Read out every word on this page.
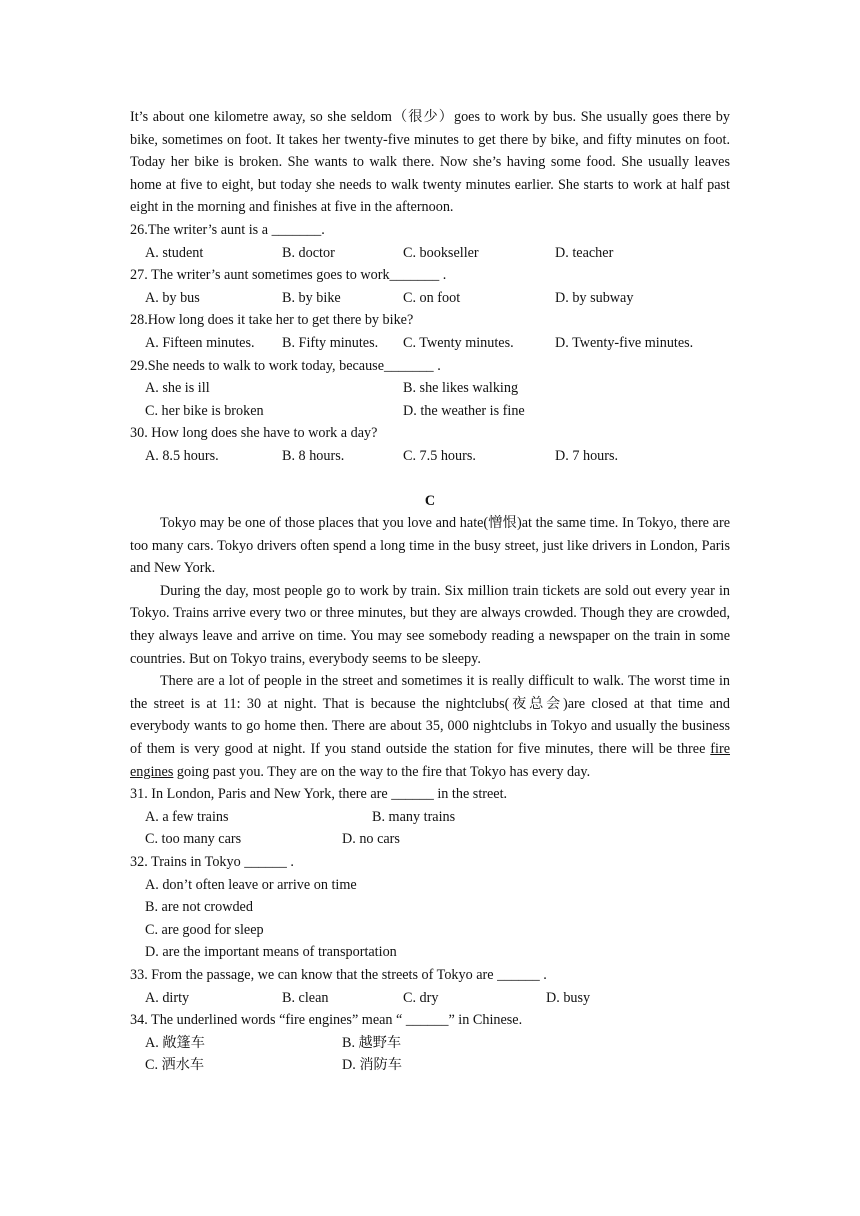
It’s about one kilometre away, so she seldom（很少）goes to work by bus. She usually goes there by bike, sometimes on foot. It takes her twenty-five minutes to get there by bike, and fifty minutes on foot. Today her bike is broken. She wants to walk there. Now she’s having some food. She usually leaves home at five to eight, but today she needs to walk twenty minutes earlier. She starts to work at half past eight in the morning and finishes at five in the afternoon.

26.The writer’s aunt is a _______.

A. student	B. doctor	C. bookseller	D. teacher

27. The writer’s aunt sometimes goes to work_______ .

A. by bus	B. by bike	C. on foot	D. by subway

28.How long does it take her to get there by bike?

A. Fifteen minutes.	B. Fifty minutes.	C. Twenty minutes.	D. Twenty-five minutes.

29.She needs to walk to work today, because_______ .

A. she is ill	B. she likes walking
C. her bike is broken	D. the weather is fine

30. How long does she have to work a day?

A. 8.5 hours.	B. 8 hours.	C. 7.5 hours.	D. 7 hours.

C

Tokyo may be one of those places that you love and hate(憎恨)at the same time. In Tokyo, there are too many cars. Tokyo drivers often spend a long time in the busy street, just like drivers in London, Paris and New York.

During the day, most people go to work by train. Six million train tickets are sold out every year in Tokyo. Trains arrive every two or three minutes, but they are always crowded. Though they are crowded, they always leave and arrive on time. You may see somebody reading a newspaper on the train in some countries. But on Tokyo trains, everybody seems to be sleepy.

There are a lot of people in the street and sometimes it is really difficult to walk. The worst time in the street is at 11: 30 at night. That is because the nightclubs(夜总会)are closed at that time and everybody wants to go home then. There are about 35, 000 nightclubs in Tokyo and usually the business of them is very good at night. If you stand outside the station for five minutes, there will be three fire engines going past you. They are on the way to the fire that Tokyo has every day.

31. In London, Paris and New York, there are ______ in the street.

A. a few trains	B. many trains
C. too many cars	D. no cars

32. Trains in Tokyo ______ .

A. don’t often leave or arrive on time

B. are not crowded

C. are good for sleep

D. are the important means of transportation

33. From the passage, we can know that the streets of Tokyo are ______ .

A. dirty	B. clean	C. dry	D. busy

34. The underlined words “fire engines” mean “ ______” in Chinese.

A. 敞篷车	B. 越野车
C. 洒水车	D. 消防车
